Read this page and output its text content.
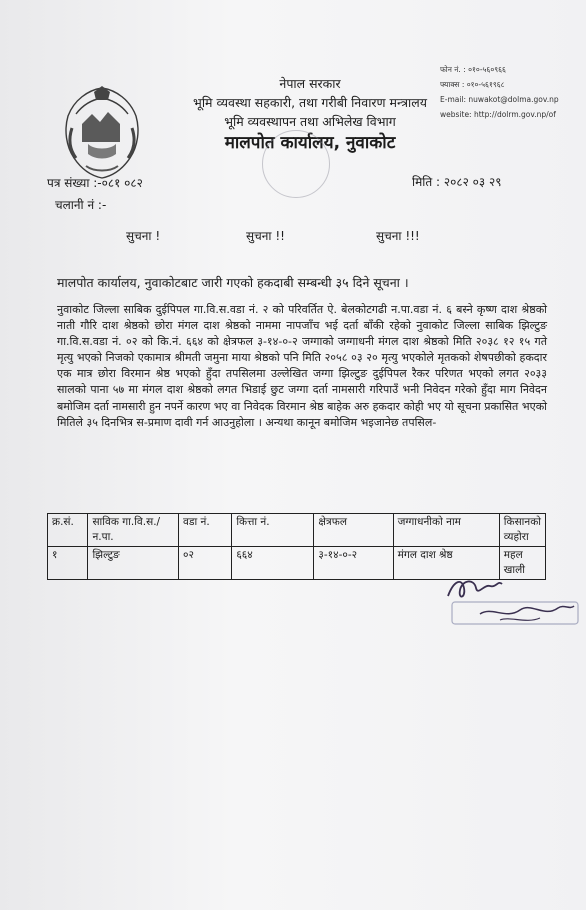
नेपाल सरकार
भूमि व्यवस्था सहकारी, तथा गरीबी निवारण मन्त्रालय
भूमि व्यवस्थापन तथा अभिलेख विभाग
मालपोत कार्यालय, नुवाकोट
फोन नं. : ०१०-५६०९६६
फ्याक्स : ०१०-५६१९६८
E-mail: nuwakot@dolma.gov.np
website: http://dolrm.gov.np/of
पत्र संख्या :-०८१ ०८२
चलानी नं :-
मिति : २०८२ ०३ २९
सुचना !	सुचना !!	सुचना !!!
मालपोत कार्यालय, नुवाकोटबाट जारी गएको हकदाबी सम्बन्धी ३५ दिने सूचना ।
नुवाकोट जिल्ला साबिक दुईपिपल गा.वि.स.वडा नं. २ को परिवर्तित ऐ. बेलकोटगढी न.पा.वडा नं. ६ बस्ने कृष्ण दाश श्रेष्ठको नाती गौरि दाश श्रेष्ठको छोरा मंगल दाश श्रेष्ठको नाममा नापजाँच भई दर्ता बाँकी रहेको नुवाकोट जिल्ला साबिक झिल्टुङ गा.वि.स.वडा नं. ०२ को कि.नं. ६६४ को क्षेत्रफल ३-१४-०-२ जग्गाको जग्गाधनी मंगल दाश श्रेष्ठको मिति २०३८ १२ १५ गते मृत्यु भएको निजको एकामात्र श्रीमती जमुना माया श्रेष्ठको पनि मिति २०५८ ०३ २० मृत्यु भएकोले मृतकको शेषपछीको हकदार एक मात्र छोरा विरमान श्रेष्ठ भएको हुँदा तपसिलमा उल्लेखित जग्गा झिल्टुङ दुईपिपल रैकर परिणत भएको लगत २०३३ सालको पाना ५७ मा मंगल दाश श्रेष्ठको लगत भिडाई छुट जग्गा दर्ता नामसारी गरिपाउँ भनी निवेदन गरेको हुँदा माग निवेदन बमोजिम दर्ता नामसारी हुन नपर्ने कारण भए वा निवेदक विरमान श्रेष्ठ बाहेक अरु हकदार कोही भए यो सूचना प्रकासित भएको मितिले ३५ दिनभित्र स-प्रमाण दावी गर्न आउनुहोला । अन्यथा कानून बमोजिम भइजानेछ तपसिल-
क्र.सं.	साविक गा.वि.स./न.पा.	वडा नं.	कित्ता नं.	क्षेत्रफल	जग्गाधनीको नाम	किसानको व्यहोरा
१	झिल्टुङ	०२	६६४	३-१४-०-२	मंगल दाश श्रेष्ठ	महल खाली
